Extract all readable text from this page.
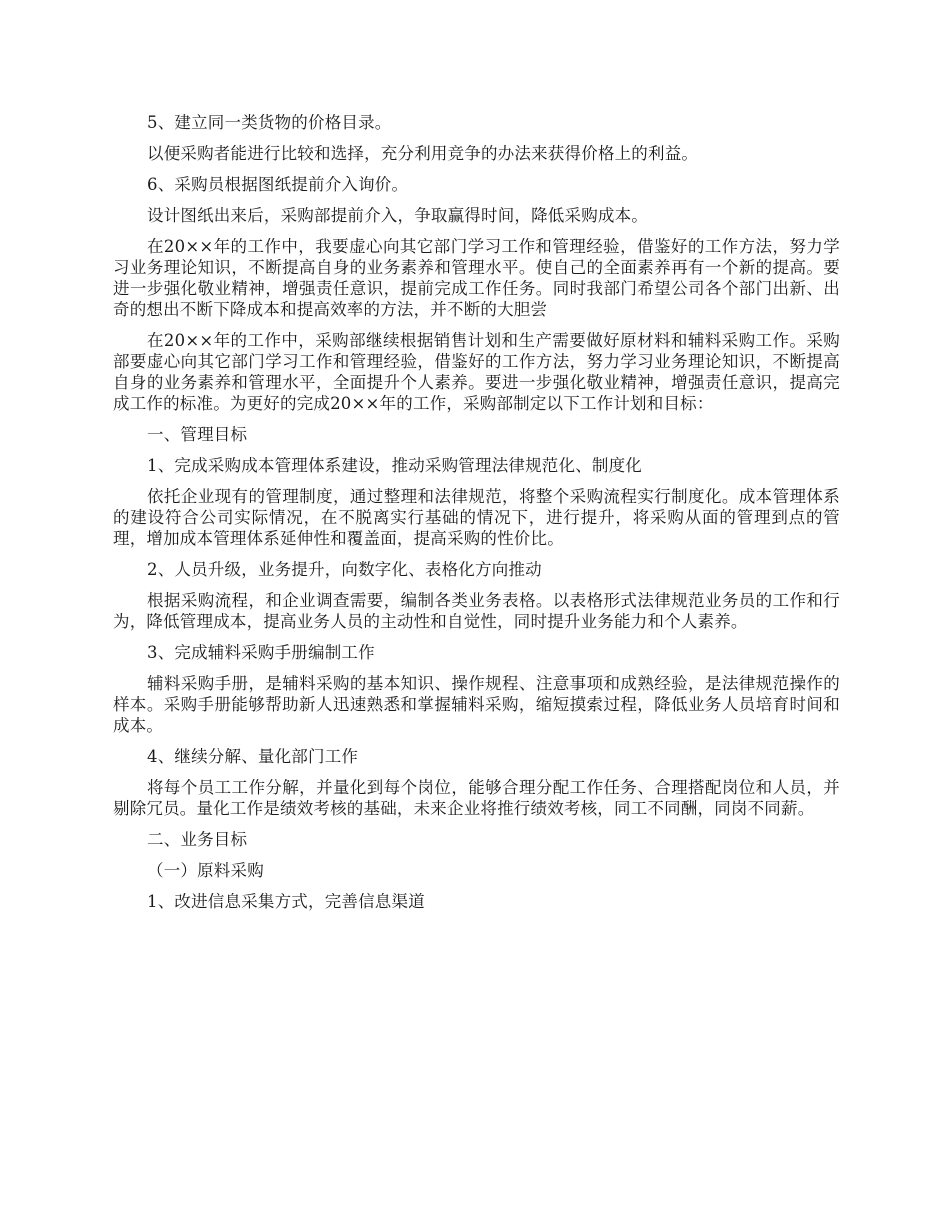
5、建立同一类货物的价格目录。

以便采购者能进行比较和选择，充分利用竞争的办法来获得价格上的利益。

6、采购员根据图纸提前介入询价。

设计图纸出来后，采购部提前介入，争取赢得时间，降低采购成本。

在20××年的工作中，我要虚心向其它部门学习工作和管理经验，借鉴好的工作方法，努力学习业务理论知识，不断提高自身的业务素养和管理水平。使自己的全面素养再有一个新的提高。要进一步强化敬业精神，增强责任意识，提前完成工作任务。同时我部门希望公司各个部门出新、出奇的想出不断下降成本和提高效率的方法，并不断的大胆尝

在20××年的工作中，采购部继续根据销售计划和生产需要做好原材料和辅料采购工作。采购部要虚心向其它部门学习工作和管理经验，借鉴好的工作方法，努力学习业务理论知识，不断提高自身的业务素养和管理水平，全面提升个人素养。要进一步强化敬业精神，增强责任意识，提高完成工作的标准。为更好的完成20××年的工作，采购部制定以下工作计划和目标：

一、管理目标

1、完成采购成本管理体系建设，推动采购管理法律规范化、制度化

依托企业现有的管理制度，通过整理和法律规范，将整个采购流程实行制度化。成本管理体系的建设符合公司实际情况，在不脱离实行基础的情况下，进行提升，将采购从面的管理到点的管理，增加成本管理体系延伸性和覆盖面，提高采购的性价比。

2、人员升级，业务提升，向数字化、表格化方向推动

根据采购流程，和企业调查需要，编制各类业务表格。以表格形式法律规范业务员的工作和行为，降低管理成本，提高业务人员的主动性和自觉性，同时提升业务能力和个人素养。

3、完成辅料采购手册编制工作

辅料采购手册，是辅料采购的基本知识、操作规程、注意事项和成熟经验，是法律规范操作的样本。采购手册能够帮助新人迅速熟悉和掌握辅料采购，缩短摸索过程，降低业务人员培育时间和成本。

4、继续分解、量化部门工作

将每个员工工作分解，并量化到每个岗位，能够合理分配工作任务、合理搭配岗位和人员，并剔除冗员。量化工作是绩效考核的基础，未来企业将推行绩效考核，同工不同酬，同岗不同薪。

二、业务目标

（一）原料采购

1、改进信息采集方式，完善信息渠道
